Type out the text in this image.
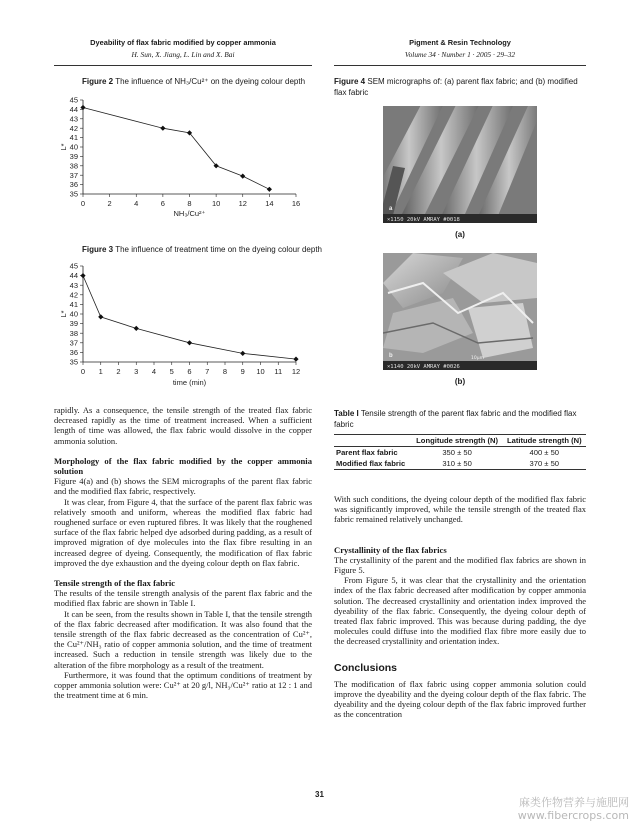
Dyeability of flax fabric modified by copper ammonia
H. Sun, X. Jiang, L. Lin and X. Bai
Pigment & Resin Technology
Volume 34 · Number 1 · 2005 · 29–32
Figure 2 The influence of NH₃/Cu²⁺ on the dyeing colour depth
35
36
37
38
39
40
41
42
43
44
45
0	2	4	6	8	10 12 14 16
L*
NH₃/Cu²⁺
Figure 3 The influence of treatment time on the dyeing colour depth
35
36
37
38
39
40
41
42
43
44
45
0 1 2 3 4 5 6 7 8 9 10 11 12
L*
time (min)
Figure 4 SEM micrographs of: (a) parent flax fabric; and (b) modified flax fabric
×1150 20kV AMRAY #0018
a
(a)
×1140 20kV AMRAY #0026
10μm
b
(b)

rapidly. As a consequence, the tensile strength of the treated flax fabric decreased rapidly as the time of treatment increased. When a sufficient length of time was allowed, the flax fabric would dissolve in the copper ammonia solution.

Morphology of the flax fabric modified by the copper ammonia solution

Figure 4(a) and (b) shows the SEM micrographs of the parent flax fabric and the modified flax fabric, respectively.

It was clear, from Figure 4, that the surface of the parent flax fabric was relatively smooth and uniform, whereas the modified flax fabric had roughened surface or even ruptured fibres. It was likely that the roughened surface of the flax fabric helped dye adsorbed during padding, as a result of improved migration of dye molecules into the flax fibre resulting in an increased degree of dyeing. Consequently, the modification of flax fabric improved the dye exhaustion and the dyeing colour depth on flax fabric.

Tensile strength of the flax fabric

The results of the tensile strength analysis of the parent flax fabric and the modified flax fabric are shown in Table I.

It can be seen, from the results shown in Table I, that the tensile strength of the flax fabric decreased after modification. It was also found that the tensile strength of the flax fabric decreased as the concentration of Cu²⁺, the Cu²⁺/NH₃ ratio of copper ammonia solution, and the time of treatment increased. Such a reduction in tensile strength was likely due to the alteration of the fibre morphology as a result of the treatment.

Furthermore, it was found that the optimum conditions of treatment by copper ammonia solution were: Cu²⁺ at 20 g/l, NH₃/Cu²⁺ ratio at 12 : 1 and the treatment time at 6 min.

Table I Tensile strength of the parent flax fabric and the modified flax fabric
	Longitude strength (N)	Latitude strength (N)
Parent flax fabric	350 ± 50	400 ± 50
Modified flax fabric	310 ± 50	370 ± 50

With such conditions, the dyeing colour depth of the modified flax fabric was significantly improved, while the tensile strength of the treated flax fabric remained relatively unchanged.

Crystallinity of the flax fabrics

The crystallinity of the parent and the modified flax fabrics are shown in Figure 5.

From Figure 5, it was clear that the crystallinity and the orientation index of the flax fabric decreased after modification by copper ammonia solution. The decreased crystallinity and orientation index improved the dyeability of the flax fabric. Consequently, the dyeing colour depth of treated flax fabric improved. This was because during padding, the dye molecules could diffuse into the modified flax fibre more easily due to the decreased crystallinity and orientation index.

Conclusions

The modification of flax fabric using copper ammonia solution could improve the dyeability and the dyeing colour depth of the flax fabric. The dyeability and the dyeing colour depth of the flax fabric improved further as the concentration

31
麻类作物营养与施肥网
www.fibercrops.com
